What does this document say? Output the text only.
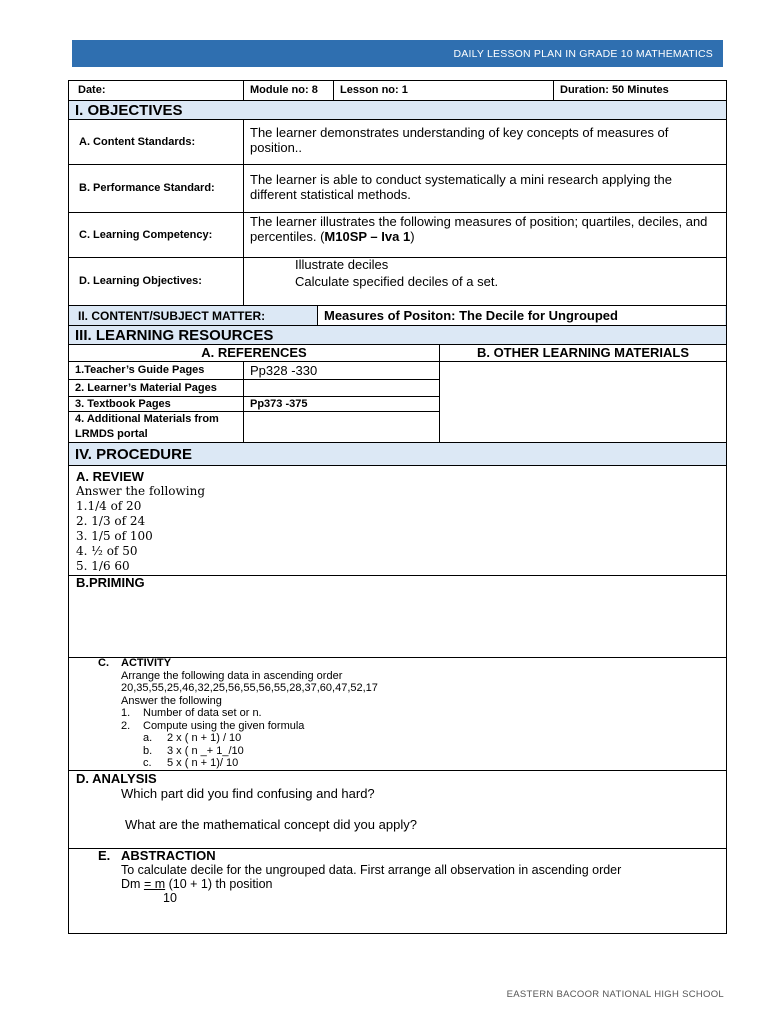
DAILY LESSON PLAN IN GRADE 10 MATHEMATICS
Date:	Module no: 8	Lesson no: 1	Duration: 50 Minutes
I. OBJECTIVES
A. Content Standards:
The learner demonstrates understanding of key concepts of measures of position..
B. Performance Standard:
The learner is able to conduct systematically a mini research applying the different statistical methods.
C. Learning Competency:
The learner illustrates the following measures of position; quartiles, deciles, and percentiles. (M10SP – Iva 1)
D. Learning Objectives:
Illustrate deciles
Calculate specified deciles of a set.
II. CONTENT/SUBJECT MATTER:	Measures of Positon: The Decile for Ungrouped
III. LEARNING RESOURCES
A. REFERENCES	B. OTHER LEARNING MATERIALS
1.Teacher’s Guide Pages	Pp328 -330
2. Learner’s Material Pages
3. Textbook Pages	Pp373 -375
4. Additional Materials from LRMDS portal
IV. PROCEDURE
A. REVIEW
Answer the following
1.1/4 of 20
2. 1/3 of 24
3. 1/5 of 100
4. ½ of 50
5. 1/6 60
B.PRIMING
C. ACTIVITY
Arrange the following data in ascending order
20,35,55,25,46,32,25,56,55,56,55,28,37,60,47,52,17
Answer the following
1.	Number of data set or n.
2.	Compute using the given formula
a.	2 x ( n + 1) / 10
b.	3 x ( n _+ 1_/10
c.	5 x ( n + 1)/ 10
D. ANALYSIS
Which part did you find confusing and hard?
What are the mathematical concept did you apply?
E. ABSTRACTION
To calculate decile for the ungrouped data. First arrange all observation in ascending order
Dm = m (10 + 1) th position
10
EASTERN BACOOR NATIONAL HIGH SCHOOL
